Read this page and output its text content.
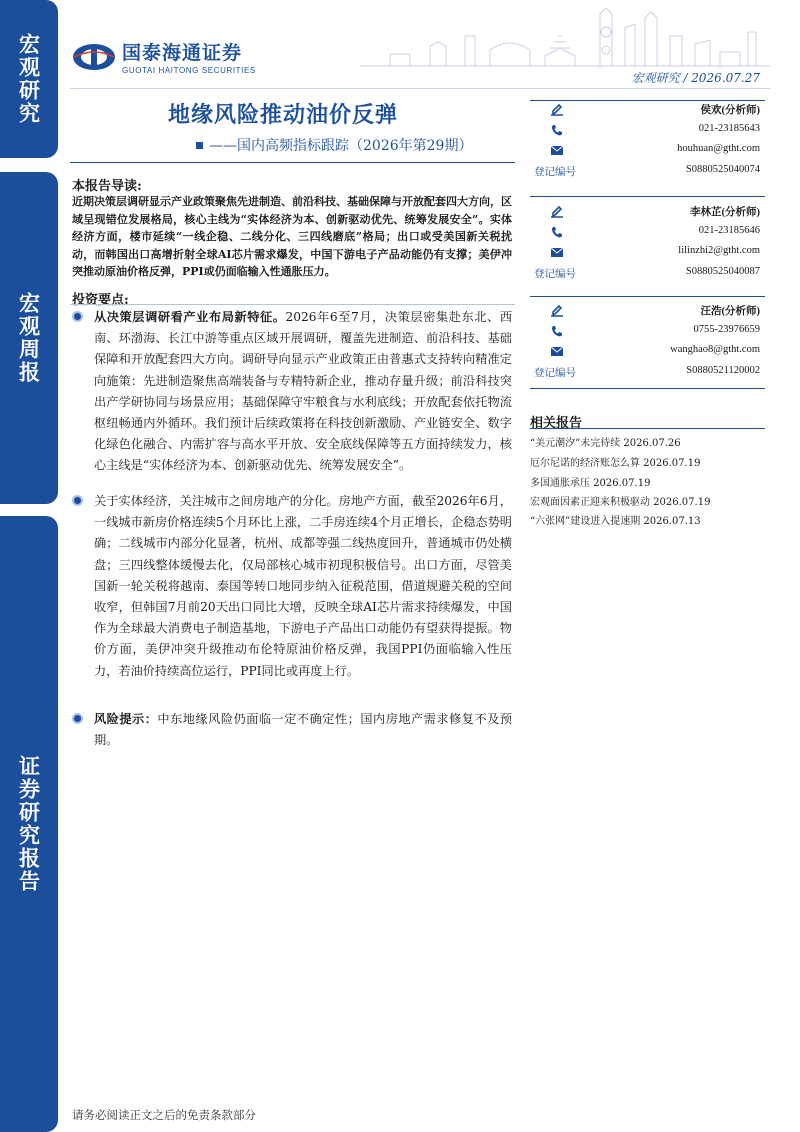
宏观研究
宏观周报
证券研究报告
国泰海通证券
GUOTAI HAITONG SECURITIES
宏观研究 / 2026.07.27
地缘风险推动油价反弹
——国内高频指标跟踪（2026年第29期）
本报告导读:
近期决策层调研显示产业政策聚焦先进制造、前沿科技、基础保障与开放配套四大方向，区域呈现错位发展格局，核心主线为“实体经济为本、创新驱动优先、统筹发展安全”。实体经济方面，楼市延续“一线企稳、二线分化、三四线磨底”格局；出口或受美国新关税扰动，而韩国出口高增折射全球AI芯片需求爆发，中国下游电子产品动能仍有支撑；美伊冲突推动原油价格反弹，PPI或仍面临输入性通胀压力。
投资要点:
从决策层调研看产业布局新特征。2026年6至7月，决策层密集赴东北、西南、环渤海、长江中游等重点区域开展调研，覆盖先进制造、前沿科技、基础保障和开放配套四大方向。调研导向显示产业政策正由普惠式支持转向精准定向施策：先进制造聚焦高端装备与专精特新企业，推动存量升级；前沿科技突出产学研协同与场景应用；基础保障守牢粮食与水利底线；开放配套依托物流枢纽畅通内外循环。我们预计后续政策将在科技创新激励、产业链安全、数字化绿色化融合、内需扩容与高水平开放、安全底线保障等五方面持续发力，核心主线是“实体经济为本、创新驱动优先、统筹发展安全”。
关于实体经济，关注城市之间房地产的分化。房地产方面，截至2026年6月，一线城市新房价格连续5个月环比上涨，二手房连续4个月正增长，企稳态势明确；二线城市内部分化显著，杭州、成都等强二线热度回升，普通城市仍处横盘；三四线整体缓慢去化，仅局部核心城市初现积极信号。出口方面，尽管美国新一轮关税将越南、泰国等转口地同步纳入征税范围，借道规避关税的空间收窄，但韩国7月前20天出口同比大增，反映全球AI芯片需求持续爆发，中国作为全球最大消费电子制造基地，下游电子产品出口动能仍有望获得提振。物价方面，美伊冲突升级推动布伦特原油价格反弹，我国PPI仍面临输入性压力，若油价持续高位运行，PPI同比或再度上行。
风险提示：中东地缘风险仍面临一定不确定性；国内房地产需求修复不及预期。
侯欢(分析师)
021-23185643
houhuan@gtht.com
登记编号	S0880525040074
李林芷(分析师)
021-23185646
lilinzhi2@gtht.com
登记编号	S0880525040087
汪浩(分析师)
0755-23976659
wanghao8@gtht.com
登记编号	S0880521120002
相关报告
“美元潮汐”未完待续 2026.07.26
厄尔尼诺的经济账怎么算 2026.07.19
多国通胀承压 2026.07.19
宏观面因素正迎来积极驱动 2026.07.19
“六张网”建设进入提速期 2026.07.13
请务必阅读正文之后的免责条款部分
